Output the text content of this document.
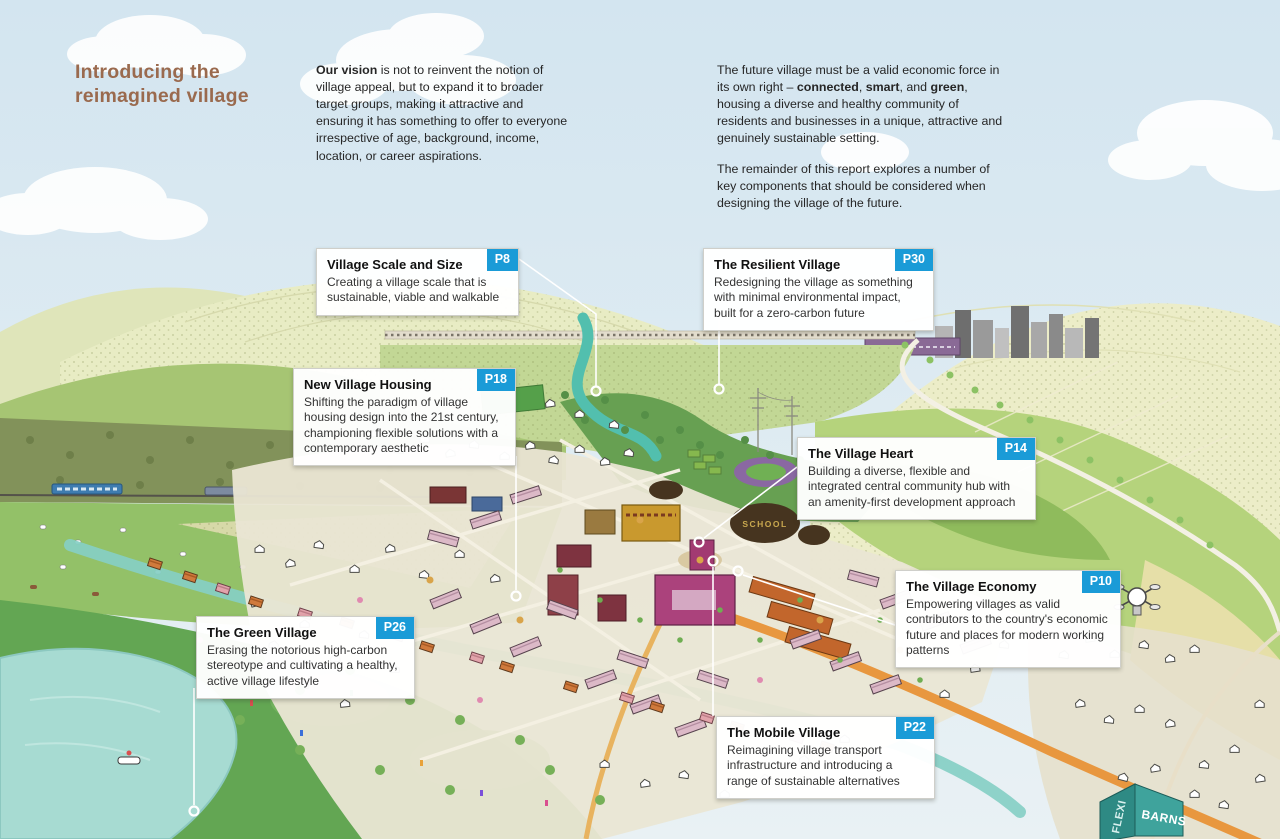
SCHOOL
FLEXI BARNS
Introducing the reimagined village

Our vision is not to reinvent the notion of village appeal, but to expand it to broader target groups, making it attractive and ensuring it has something to offer to everyone irrespective of age, background, income, location, or career aspirations.

The future village must be a valid economic force in its own right – connected, smart, and green, housing a diverse and healthy community of residents and businesses in a unique, attractive and genuinely sustainable setting.

The remainder of this report explores a number of key components that should be considered when designing the village of the future.

Village Scale and Size	P8

Creating a village scale that is sustainable, viable and walkable

The Resilient Village	P30

Redesigning the village as something with minimal environmental impact, built for a zero-carbon future

New Village Housing	P18

Shifting the paradigm of village housing design into the 21st century, championing flexible solutions with a contemporary aesthetic	The Village Heart	P14

Building a diverse, flexible and integrated central community hub with an amenity-first development approach

The Village Economy	P10

Empowering villages as valid contributors to the country's economic future and places for modern working patterns

The Green Village	P26

Erasing the notorious high-carbon stereotype and cultivating a healthy, active village lifestyle

The Mobile Village	P22

Reimagining village transport infrastructure and introducing a range of sustainable alternatives
